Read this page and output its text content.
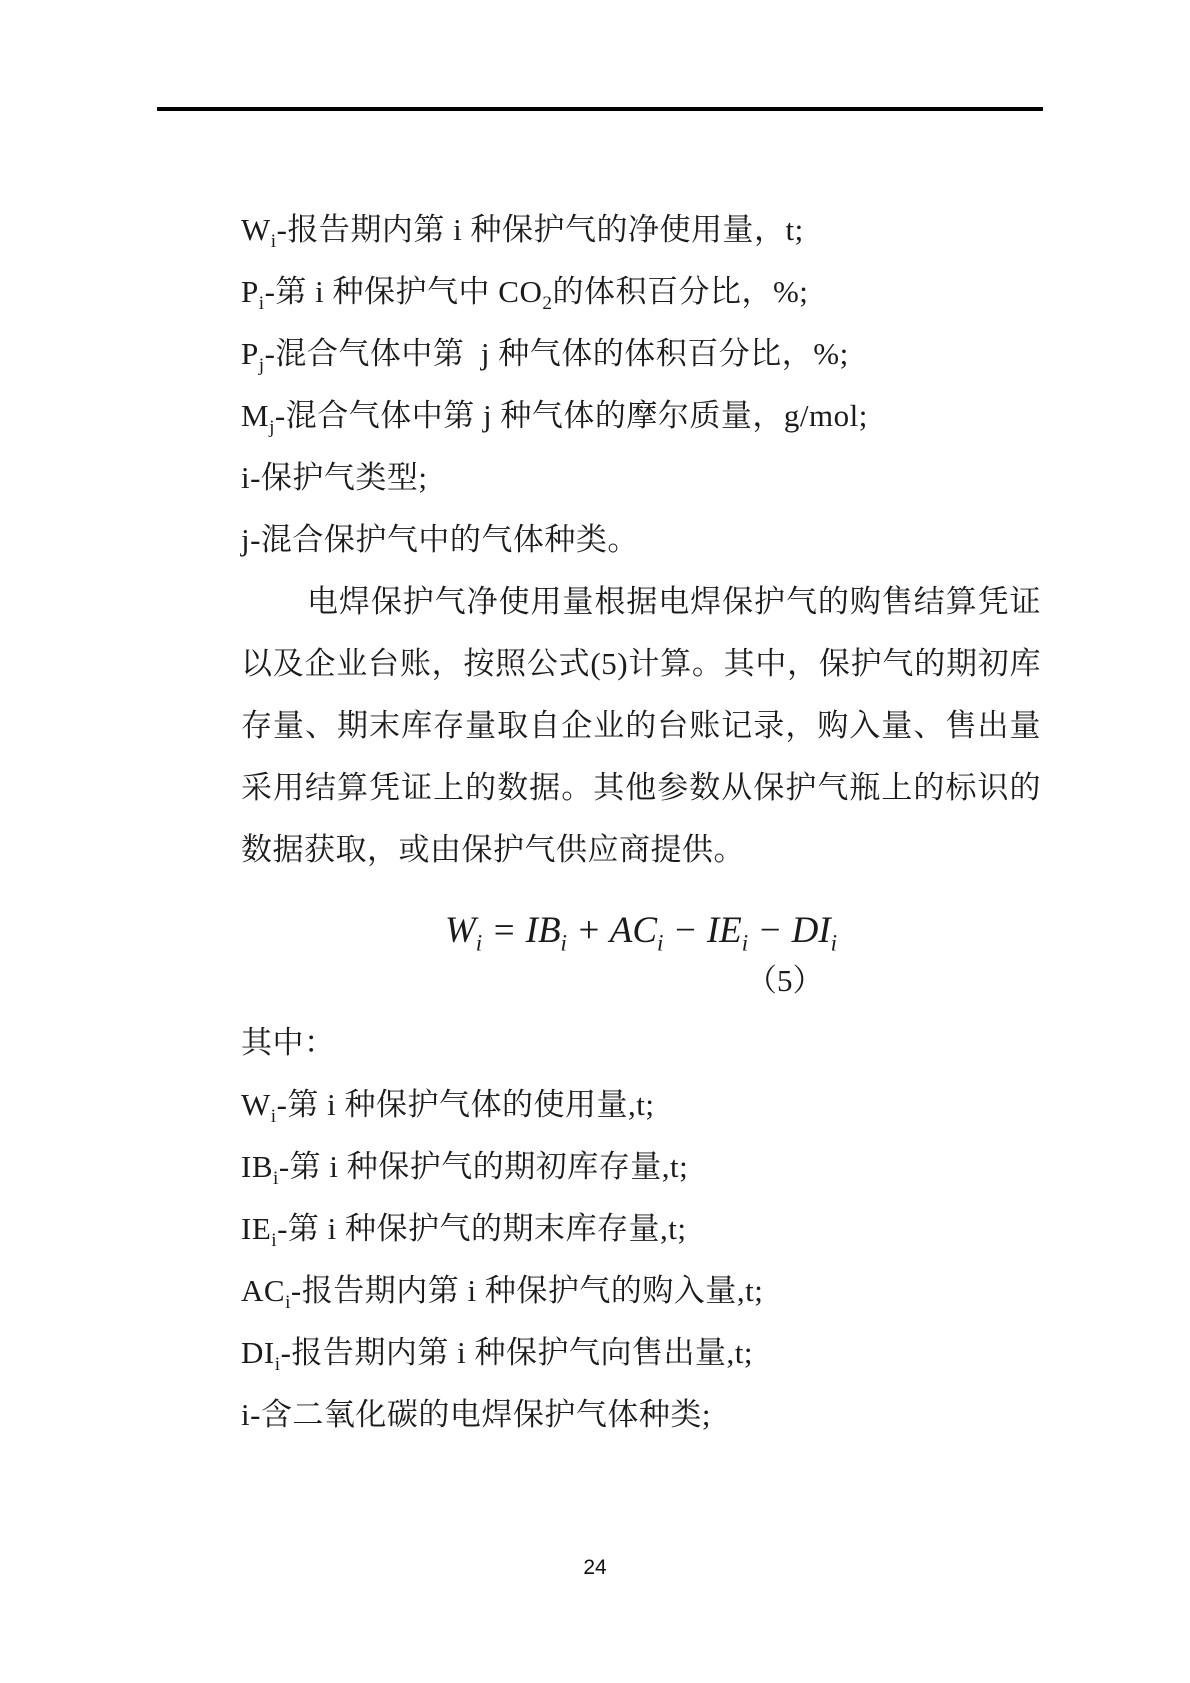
$W_i-$报告期内第 i 种保护气的净使用量，t;

$P_i-$第 i 种保护气中 $CO_2$的体积百分比，%;

$P_j-$混合气体中第  j 种气体的体积百分比，%;

$M_j-$混合气体中第 j 种气体的摩尔质量，g/mol;

i-保护气类型;

j-混合保护气中的气体种类。

电焊保护气净使用量根据电焊保护气的购售结算凭证

以及企业台账，按照公式(5)计算。其中，保护气的期初库

存量、期末库存量取自企业的台账记录，购入量、售出量

采用结算凭证上的数据。其他参数从保护气瓶上的标识的

数据获取，或由保护气供应商提供。

$W_i = IB_i + AC_i - IE_i - DI_i$

（5）

其中：

$W_i-$第 i 种保护气体的使用量,t;

$IB_i-$第 i 种保护气的期初库存量,t;

$IE_i-$第 i 种保护气的期末库存量,t;

$AC_i-$报告期内第 i 种保护气的购入量,t;

$DI_i-$报告期内第 i 种保护气向售出量,t;

i-含二氧化碳的电焊保护气体种类;

24
